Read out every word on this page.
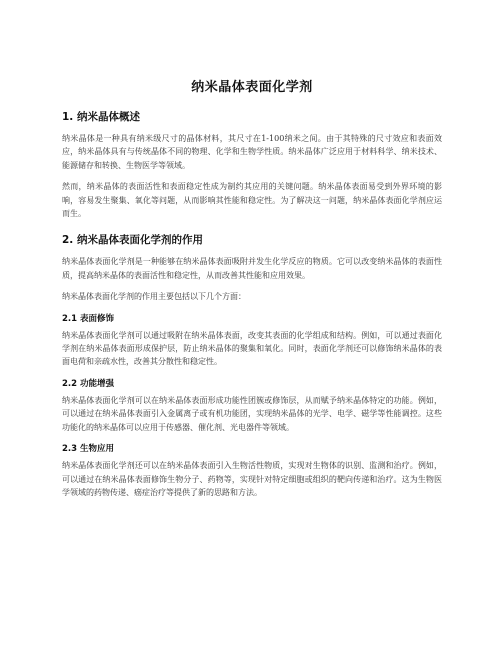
纳米晶体表面化学剂
1. 纳米晶体概述

纳米晶体是一种具有纳米级尺寸的晶体材料，其尺寸在1-100纳米之间。由于其特殊的尺寸效应和表面效应，纳米晶体具有与传统晶体不同的物理、化学和生物学性质。纳米晶体广泛应用于材料科学、纳米技术、能源储存和转换、生物医学等领域。

然而，纳米晶体的表面活性和表面稳定性成为制约其应用的关键问题。纳米晶体表面易受到外界环境的影响，容易发生聚集、氧化等问题，从而影响其性能和稳定性。为了解决这一问题，纳米晶体表面化学剂应运而生。

2. 纳米晶体表面化学剂的作用

纳米晶体表面化学剂是一种能够在纳米晶体表面吸附并发生化学反应的物质。它可以改变纳米晶体的表面性质，提高纳米晶体的表面活性和稳定性，从而改善其性能和应用效果。

纳米晶体表面化学剂的作用主要包括以下几个方面：

2.1 表面修饰

纳米晶体表面化学剂可以通过吸附在纳米晶体表面，改变其表面的化学组成和结构。例如，可以通过表面化学剂在纳米晶体表面形成保护层，防止纳米晶体的聚集和氧化。同时，表面化学剂还可以修饰纳米晶体的表面电荷和亲疏水性，改善其分散性和稳定性。

2.2 功能增强

纳米晶体表面化学剂可以在纳米晶体表面形成功能性团簇或修饰层，从而赋予纳米晶体特定的功能。例如，可以通过在纳米晶体表面引入金属离子或有机功能团，实现纳米晶体的光学、电学、磁学等性能调控。这些功能化的纳米晶体可以应用于传感器、催化剂、光电器件等领域。

2.3 生物应用

纳米晶体表面化学剂还可以在纳米晶体表面引入生物活性物质，实现对生物体的识别、监测和治疗。例如，可以通过在纳米晶体表面修饰生物分子、药物等，实现针对特定细胞或组织的靶向传递和治疗。这为生物医学领域的药物传递、癌症治疗等提供了新的思路和方法。
